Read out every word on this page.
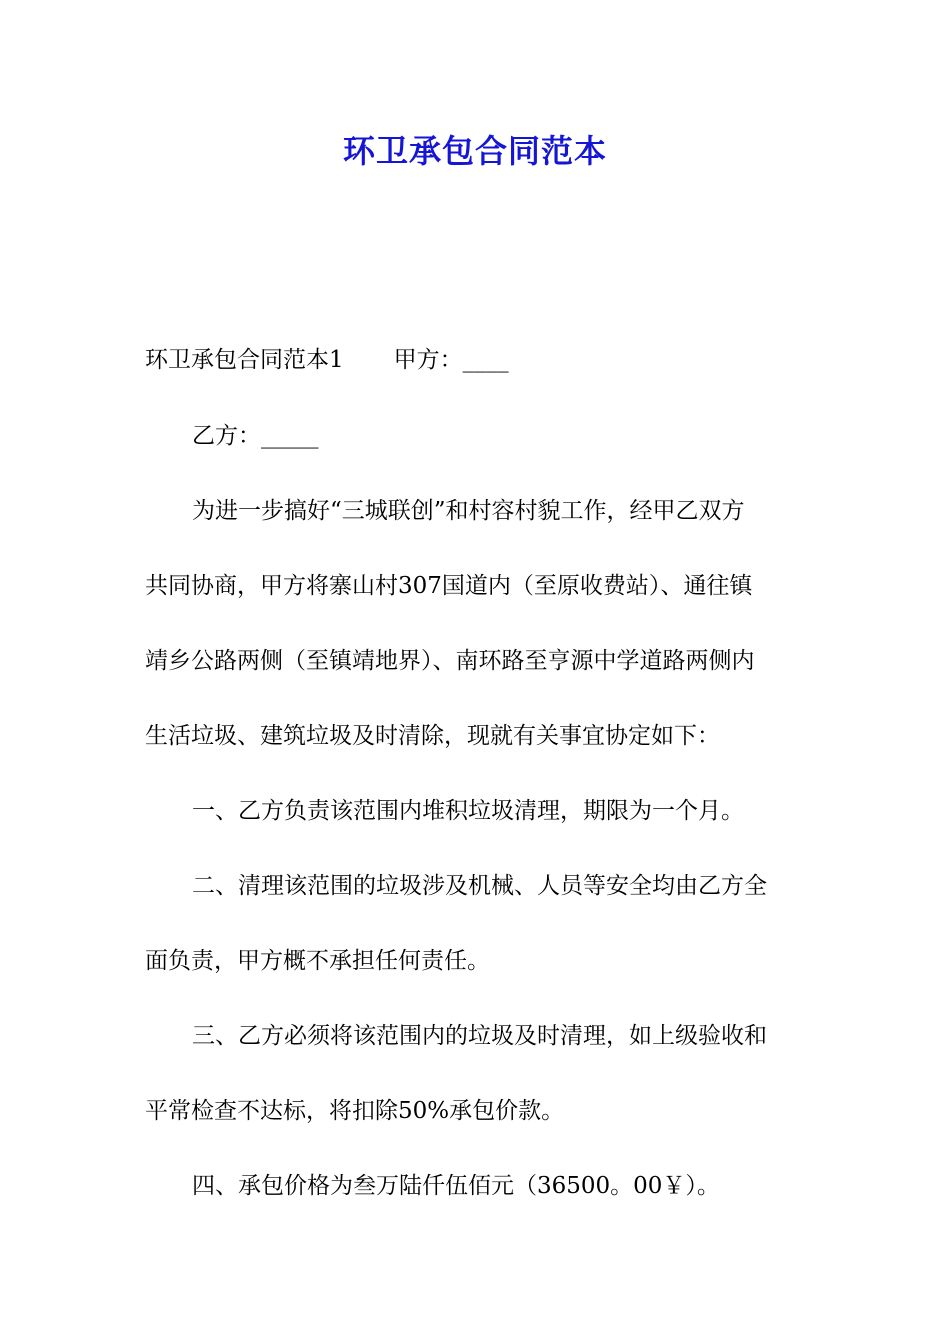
环卫承包合同范本
环卫承包合同范本1 甲方：____
乙方：_____
为进一步搞好“三城联创”和村容村貌工作，经甲乙双方
共同协商，甲方将寨山村307国道内（至原收费站）、通往镇
靖乡公路两侧（至镇靖地界）、南环路至亨源中学道路两侧内
生活垃圾、建筑垃圾及时清除，现就有关事宜协定如下：
一、乙方负责该范围内堆积垃圾清理，期限为一个月。
二、清理该范围的垃圾涉及机械、人员等安全均由乙方全
面负责，甲方概不承担任何责任。
三、乙方必须将该范围内的垃圾及时清理，如上级验收和
平常检查不达标，将扣除50%承包价款。
四、承包价格为叁万陆仟伍佰元（36500。00￥）。
